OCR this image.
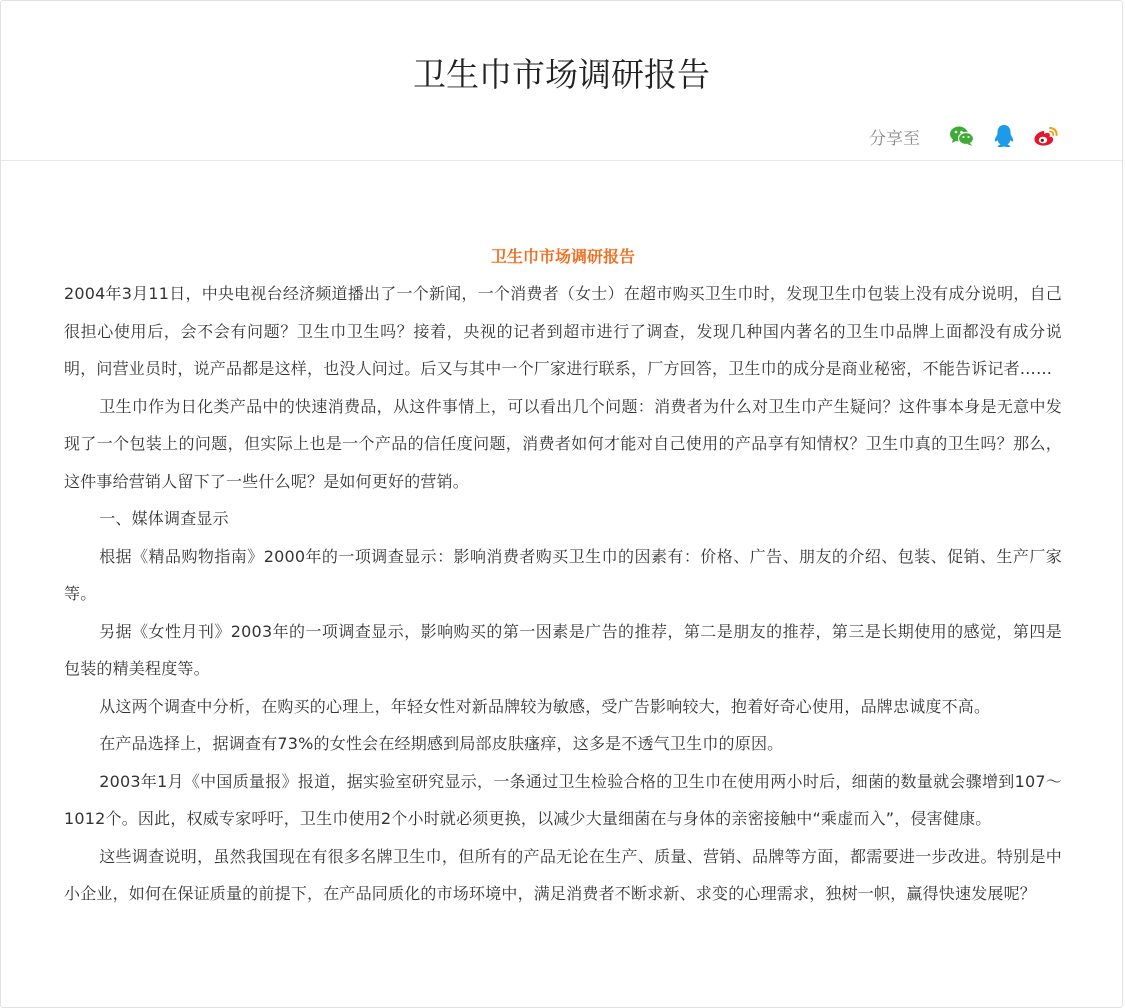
卫生巾市场调研报告
分享至
卫生巾市场调研报告

2004年3月11日，中央电视台经济频道播出了一个新闻，一个消费者（女士）在超市购买卫生巾时，发现卫生巾包装上没有成分说明，自己很担心使用后，会不会有问题？卫生巾卫生吗？接着，央视的记者到超市进行了调查，发现几种国内著名的卫生巾品牌上面都没有成分说明，问营业员时，说产品都是这样，也没人问过。后又与其中一个厂家进行联系，厂方回答，卫生巾的成分是商业秘密，不能告诉记者……

卫生巾作为日化类产品中的快速消费品，从这件事情上，可以看出几个问题：消费者为什么对卫生巾产生疑问？这件事本身是无意中发现了一个包装上的问题，但实际上也是一个产品的信任度问题，消费者如何才能对自己使用的产品享有知情权？卫生巾真的卫生吗？那么，这件事给营销人留下了一些什么呢？是如何更好的营销。

一、媒体调查显示

根据《精品购物指南》2000年的一项调查显示：影响消费者购买卫生巾的因素有：价格、广告、朋友的介绍、包装、促销、生产厂家等。

另据《女性月刊》2003年的一项调查显示，影响购买的第一因素是广告的推荐，第二是朋友的推荐，第三是长期使用的感觉，第四是包装的精美程度等。

从这两个调查中分析，在购买的心理上，年轻女性对新品牌较为敏感，受广告影响较大，抱着好奇心使用，品牌忠诚度不高。

在产品选择上，据调查有73%的女性会在经期感到局部皮肤瘙痒，这多是不透气卫生巾的原因。

2003年1月《中国质量报》报道，据实验室研究显示，一条通过卫生检验合格的卫生巾在使用两小时后，细菌的数量就会骤增到107～1012个。因此，权威专家呼吁，卫生巾使用2个小时就必须更换，以减少大量细菌在与身体的亲密接触中“乘虚而入”，侵害健康。

这些调查说明，虽然我国现在有很多名牌卫生巾，但所有的产品无论在生产、质量、营销、品牌等方面，都需要进一步改进。特别是中小企业，如何在保证质量的前提下，在产品同质化的市场环境中，满足消费者不断求新、求变的心理需求，独树一帜，赢得快速发展呢？
